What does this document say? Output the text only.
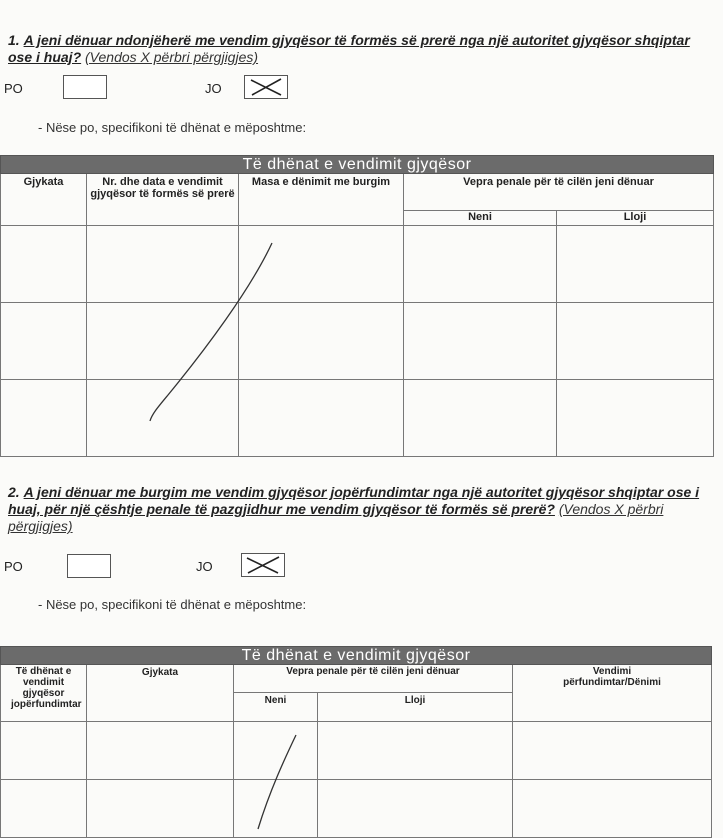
1. A jeni dënuar ndonjëherë me vendim gjyqësor të formës së prerë nga një autoritet gjyqësor shqiptar ose i huaj? (Vendos X përbri përgjigjes)
PO	JO
- Nëse po, specifikoni të dhënat e mëposhtme:
Të dhënat e vendimit gjyqësor				
Gjykata	Nr. dhe data e vendimit gjyqësor të formës së prerë	Masa e dënimit me burgim	Vepra penale për të cilën jeni dënuar	
			Neni	Lloji

2. A jeni dënuar me burgim me vendim gjyqësor jopërfundimtar nga një autoritet gjyqësor shqiptar ose i huaj, për një çështje penale të pazgjidhur me vendim gjyqësor të formës së prerë? (Vendos X përbri përgjigjes)
PO	JO
- Nëse po, specifikoni të dhënat e mëposhtme:
Të dhënat e vendimit gjyqësor				
Të dhënat e vendimit gjyqësor jopërfundimtar	Gjykata	Vepra penale për të cilën jeni dënuar		Vendimi përfundimtar/Dënimi
		Neni	Lloji	
